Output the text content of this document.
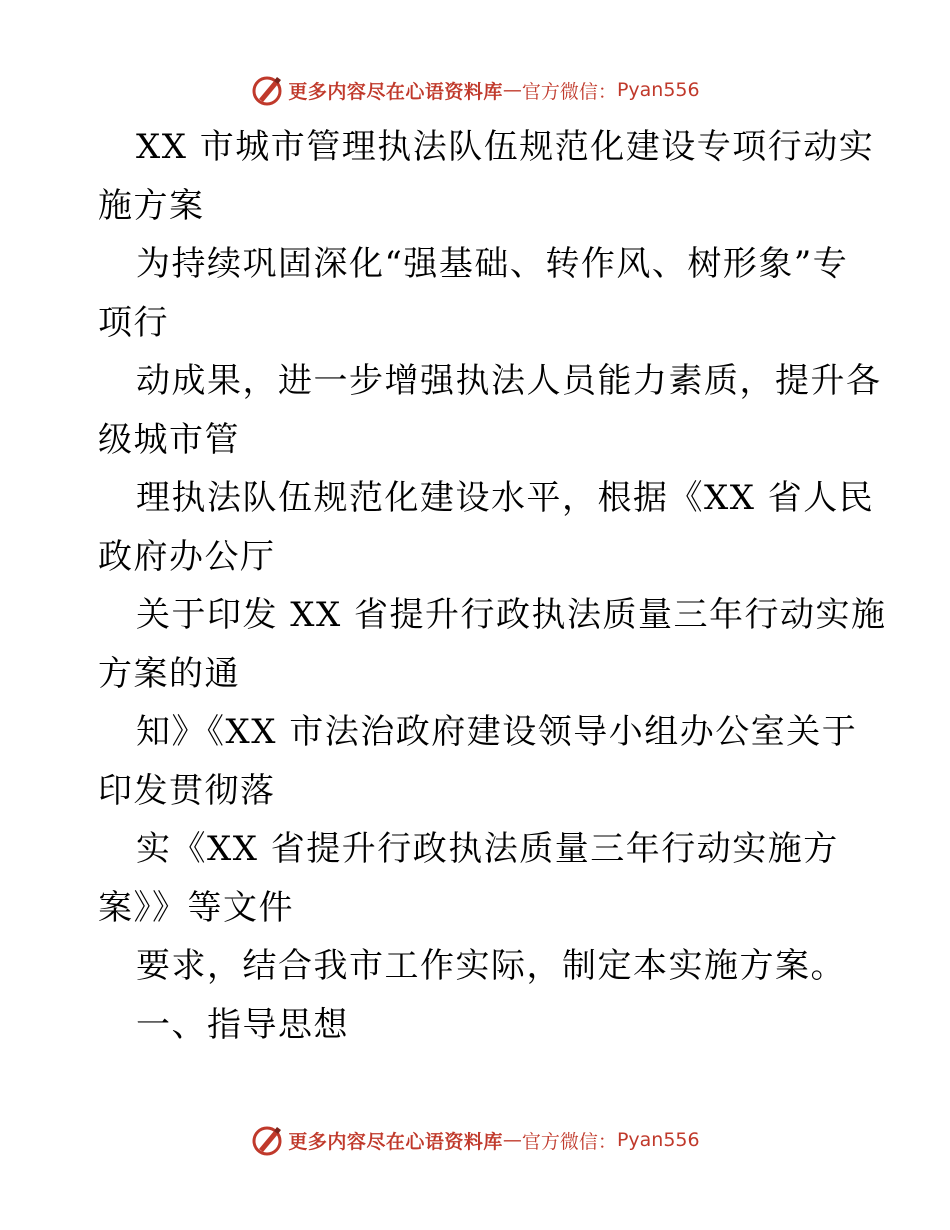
更多内容尽在心语资料库 — 官方微信： Pyan556
XX 市城市管理执法队伍规范化建设专项行动实
施方案
为持续巩固深化“强基础、转作风、树形象”专
项行
动成果，进一步增强执法人员能力素质，提升各
级城市管
理执法队伍规范化建设水平，根据《XX 省人民
政府办公厅
关于印发 XX 省提升行政执法质量三年行动实施
方案的通
知》《XX 市法治政府建设领导小组办公室关于
印发贯彻落
实《XX 省提升行政执法质量三年行动实施方
案》》等文件
要求，结合我市工作实际，制定本实施方案。
一、指导思想
更多内容尽在心语资料库 — 官方微信： Pyan556
